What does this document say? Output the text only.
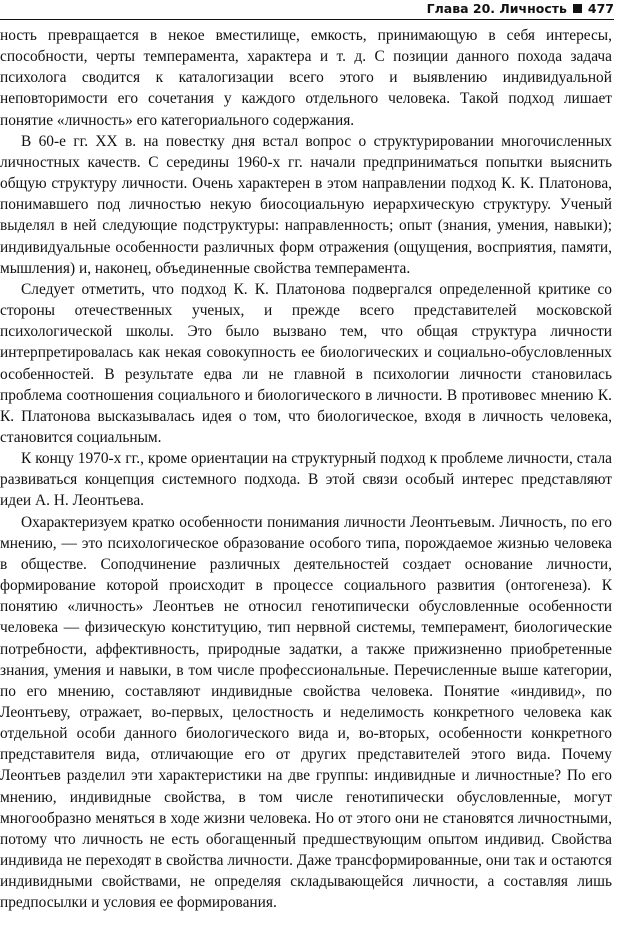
Глава 20. Личность 477

ность превращается в некое вместилище, емкость, принимающую в себя интересы, способности, черты темперамента, характера и т. д. С позиции данного похода задача психолога сводится к каталогизации всего этого и выявлению индивидуальной неповторимости его сочетания у каждого отдельного человека. Такой подход лишает понятие «личность» его категориального содержания.

В 60-е гг. XX в. на повестку дня встал вопрос о структурировании многочисленных личностных качеств. С середины 1960-х гг. начали предприниматься попытки выяснить общую структуру личности. Очень характерен в этом направлении подход К. К. Платонова, понимавшего под личностью некую биосоциальную иерархическую структуру. Ученый выделял в ней следующие подструктуры: направленность; опыт (знания, умения, навыки); индивидуальные особенности различных форм отражения (ощущения, восприятия, памяти, мышления) и, наконец, объединенные свойства темперамента.

Следует отметить, что подход К. К. Платонова подвергался определенной критике со стороны отечественных ученых, и прежде всего представителей московской психологической школы. Это было вызвано тем, что общая структура личности интерпретировалась как некая совокупность ее биологических и социально-обусловленных особенностей. В результате едва ли не главной в психологии личности становилась проблема соотношения социального и биологического в личности. В противовес мнению К. К. Платонова высказывалась идея о том, что биологическое, входя в личность человека, становится социальным.

К концу 1970-х гг., кроме ориентации на структурный подход к проблеме личности, стала развиваться концепция системного подхода. В этой связи особый интерес представляют идеи А. Н. Леонтьева.

Охарактеризуем кратко особенности понимания личности Леонтьевым. Личность, по его мнению, — это психологическое образование особого типа, порождаемое жизнью человека в обществе. Соподчинение различных деятельностей создает основание личности, формирование которой происходит в процессе социального развития (онтогенеза). К понятию «личность» Леонтьев не относил генотипически обусловленные особенности человека — физическую конституцию, тип нервной системы, темперамент, биологические потребности, аффективность, природные задатки, а также прижизненно приобретенные знания, умения и навыки, в том числе профессиональные. Перечисленные выше категории, по его мнению, составляют индивидные свойства человека. Понятие «индивид», по Леонтьеву, отражает, во-первых, целостность и неделимость конкретного человека как отдельной особи данного биологического вида и, во-вторых, особенности конкретного представителя вида, отличающие его от других представителей этого вида. Почему Леонтьев разделил эти характеристики на две группы: индивидные и личностные? По его мнению, индивидные свойства, в том числе генотипически обусловленные, могут многообразно меняться в ходе жизни человека. Но от этого они не становятся личностными, потому что личность не есть обогащенный предшествующим опытом индивид. Свойства индивида не переходят в свойства личности. Даже трансформированные, они так и остаются индивидными свойствами, не определяя складывающейся личности, а составляя лишь предпосылки и условия ее формирования.
